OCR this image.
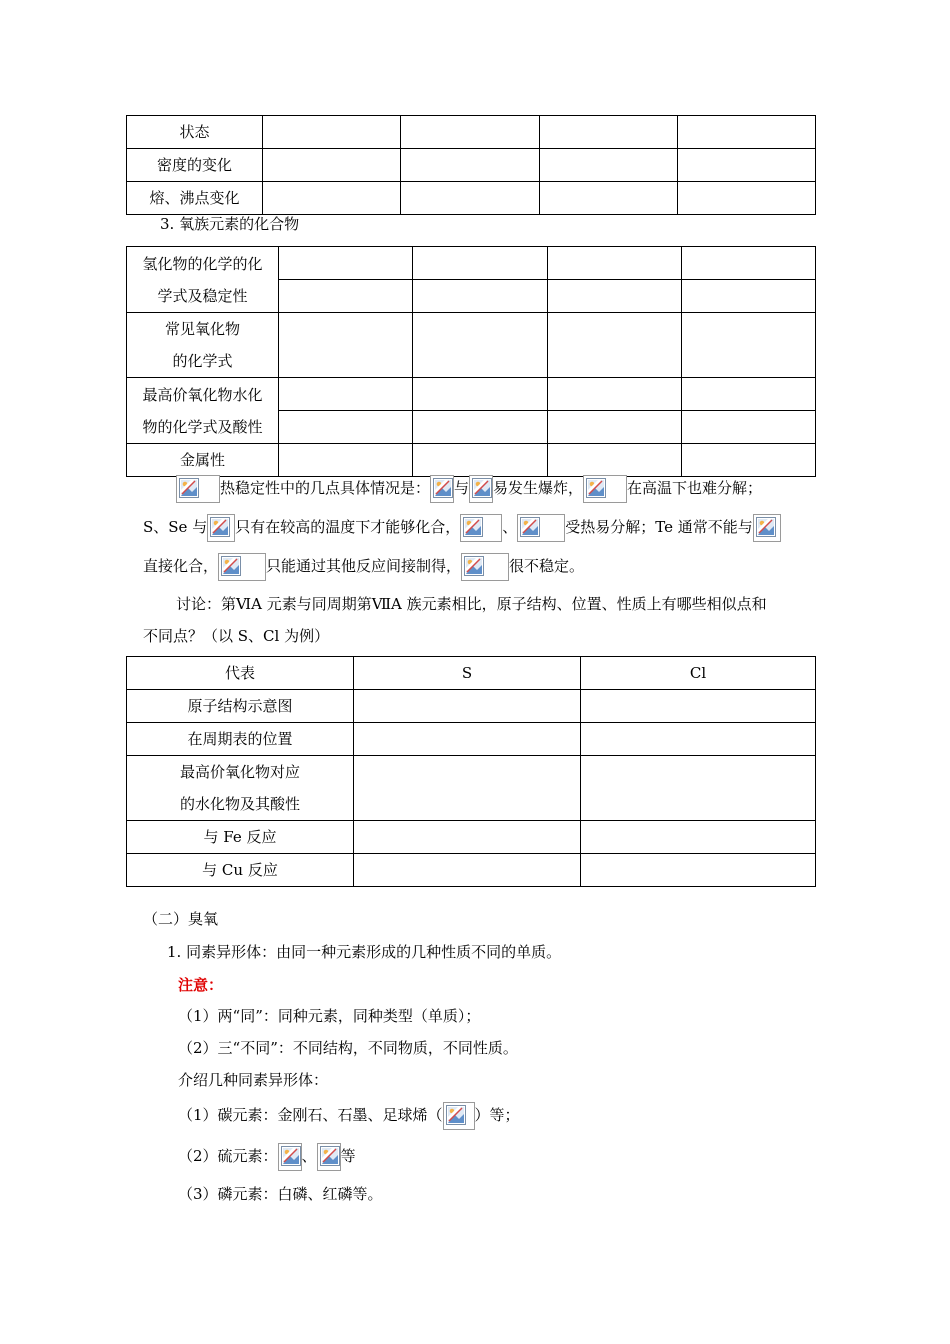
状态				
密度的变化				
熔、沸点变化				
3. 氧族元素的化合物
氢化物的化学的化
学式及稳定性				

常见氧化物
的化学式				

最高价氧化物水化
物的化学式及酸性				

金属性				
热稳定性中的几点具体情况是： 与 易发生爆炸，	在高温下也难分解；
S、Se 与 只有在较高的温度下才能够化合，	、	受热易分解；Te 通常不能与
直接化合，	只能通过其他反应间接制得，	很不稳定。
讨论：第ⅥA 元素与同周期第ⅦA 族元素相比，原子结构、位置、性质上有哪些相似点和
不同点？（以 S、Cl 为例）
代表	S	Cl
原子结构示意图		
在周期表的位置		

最高价氧化物对应
的水化物及其酸性		

与 Fe 反应		
与 Cu 反应		
（二）臭氧
1. 同素异形体：由同一种元素形成的几种性质不同的单质。
注意：
（1）两“同”：同种元素，同种类型（单质）；
（2）三“不同”：不同结构，不同物质，不同性质。
介绍几种同素异形体：
（1）碳元素：金刚石、石墨、足球烯（ ）等；
（2）硫元素： 、 等
（3）磷元素：白磷、红磷等。
